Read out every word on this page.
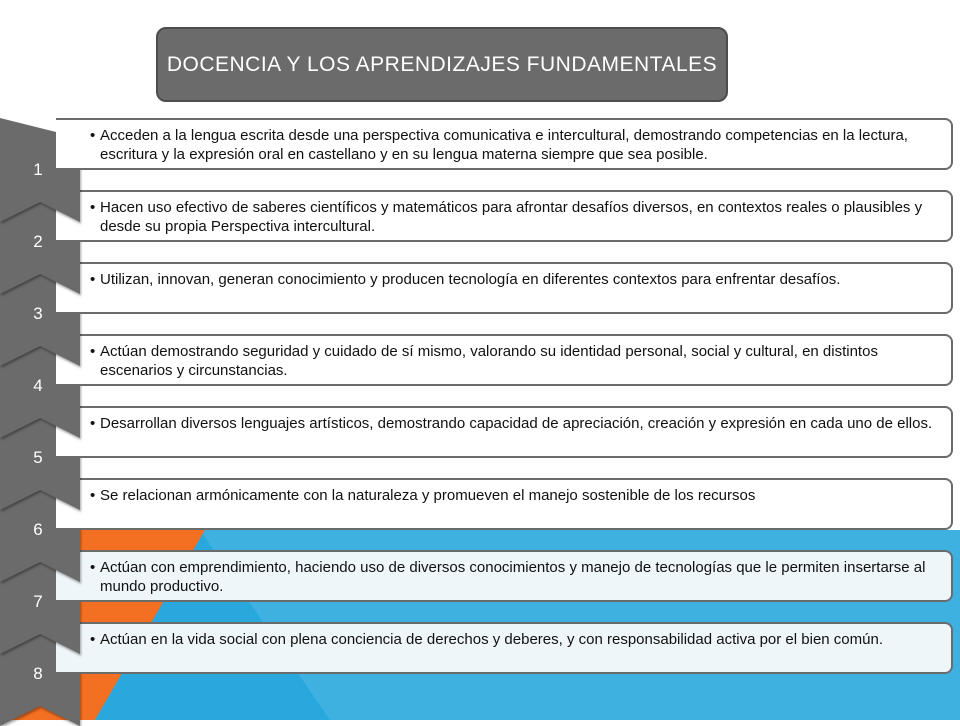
DOCENCIA Y LOS APRENDIZAJES FUNDAMENTALES
1
• Acceden a la lengua escrita desde una perspectiva comunicativa e intercultural, demostrando competencias en la lectura, escritura y la expresión oral en castellano y en su lengua materna siempre que sea posible.
2
• Hacen uso efectivo de saberes científicos y matemáticos para afrontar desafíos diversos, en contextos reales o plausibles y desde su propia Perspectiva intercultural.
3
• Utilizan, innovan, generan conocimiento y producen tecnología en diferentes contextos para enfrentar desafíos.
4
• Actúan demostrando seguridad y cuidado de sí mismo, valorando su identidad personal, social y cultural, en distintos escenarios y circunstancias.
5
• Desarrollan diversos lenguajes artísticos, demostrando capacidad de apreciación, creación y expresión en cada uno de ellos.
6
• Se relacionan armónicamente con la naturaleza y promueven el manejo sostenible de los recursos
7
• Actúan con emprendimiento, haciendo uso de diversos conocimientos y manejo de tecnologías que le permiten insertarse al mundo productivo.
8
• Actúan en la vida social con plena conciencia de derechos y deberes, y con responsabilidad activa por el bien común.
